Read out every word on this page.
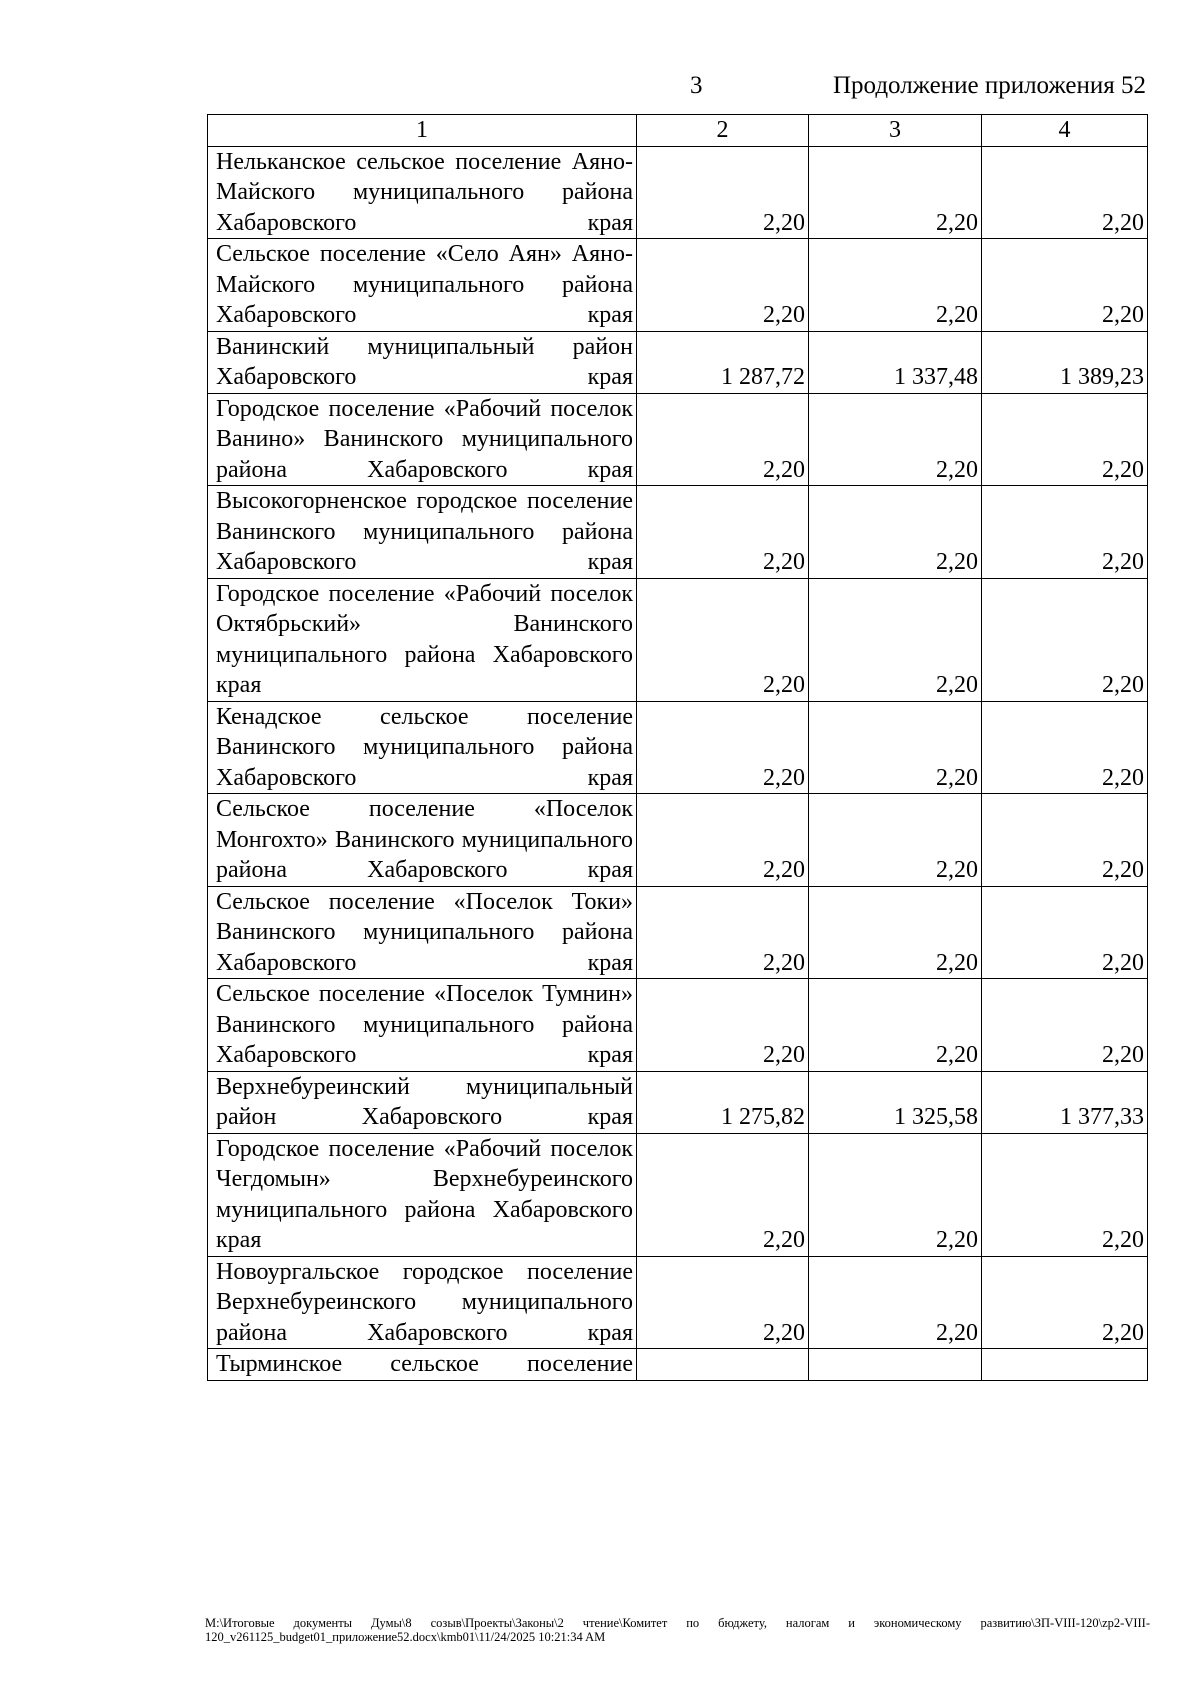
3	Продолжение приложения 52
1	2	3	4
Нельканское сельское поселение Аяно-Майского муниципального района Хабаровского края	2,20	2,20	2,20
Сельское поселение «Село Аян» Аяно-Майского муниципального района Хабаровского края	2,20	2,20	2,20
Ванинский муниципальный район Хабаровского края	1 287,72	1 337,48	1 389,23
Городское поселение «Рабочий поселок Ванино» Ванинского муниципального района Хабаровского края	2,20	2,20	2,20
Высокогорненское городское поселение Ванинского муниципального района Хабаровского края	2,20	2,20	2,20
Городское поселение «Рабочий поселок Октябрьский» Ванинского муниципального района Хабаровского края	2,20	2,20	2,20
Кенадское сельское поселение Ванинского муниципального района Хабаровского края	2,20	2,20	2,20
Сельское поселение «Поселок Монгохто» Ванинского муниципального района Хабаровского края	2,20	2,20	2,20
Сельское поселение «Поселок Токи» Ванинского муниципального района Хабаровского края	2,20	2,20	2,20
Сельское поселение «Поселок Тумнин» Ванинского муниципального района Хабаровского края	2,20	2,20	2,20
Верхнебуреинский муниципальный район Хабаровского края	1 275,82	1 325,58	1 377,33
Городское поселение «Рабочий поселок Чегдомын» Верхнебуреинского муниципального района Хабаровского края	2,20	2,20	2,20
Новоургальское городское поселение Верхнебуреинского муниципального района Хабаровского края	2,20	2,20	2,20
Тырминское сельское поселение			
M:\Итоговые документы Думы\8 созыв\Проекты\Законы\2 чтение\Комитет по бюджету, налогам и экономическому развитию\ЗП-VIII-120\zp2-VIII-120_v261125_budget01_приложение52.docx\kmb01\11/24/2025 10:21:34 AM
